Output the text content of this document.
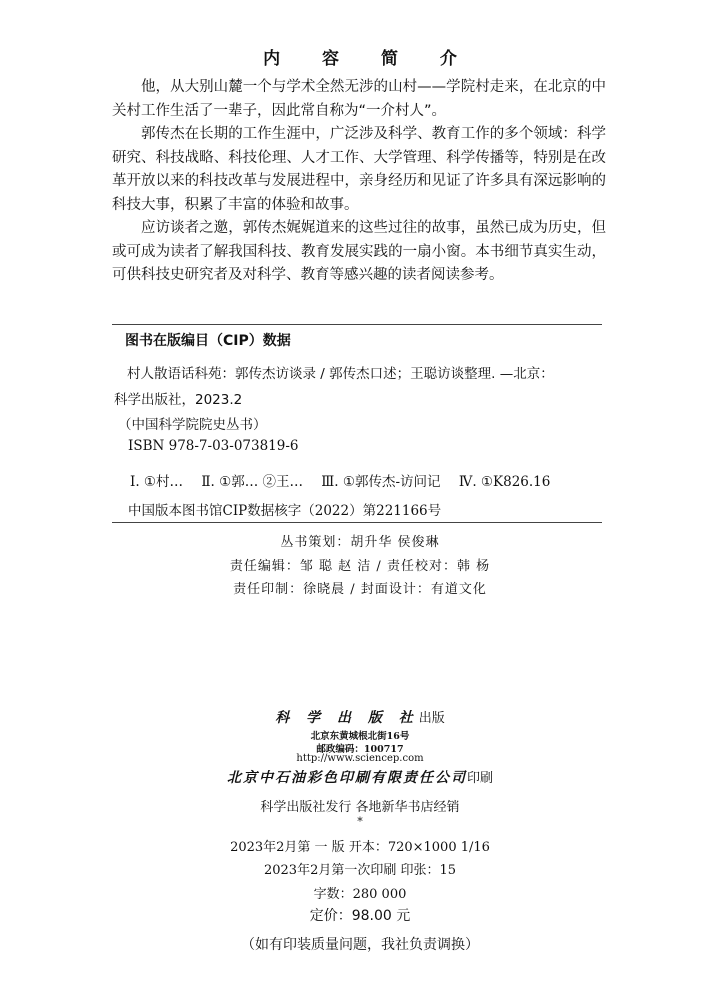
内 容 简 介

他，从大别山麓一个与学术全然无涉的山村——学院村走来，在北京的中关村工作生活了一辈子，因此常自称为“一介村人”。

郭传杰在长期的工作生涯中，广泛涉及科学、教育工作的多个领域：科学研究、科技战略、科技伦理、人才工作、大学管理、科学传播等，特别是在改革开放以来的科技改革与发展进程中，亲身经历和见证了许多具有深远影响的科技大事，积累了丰富的体验和故事。

应访谈者之邀，郭传杰娓娓道来的这些过往的故事，虽然已成为历史，但或可成为读者了解我国科技、教育发展实践的一扇小窗。本书细节真实生动，可供科技史研究者及对科学、教育等感兴趣的读者阅读参考。

图书在版编目（CIP）数据
村人散语话科苑：郭传杰访谈录 / 郭传杰口述；王聪访谈整理. —北京：
科学出版社，2023.2
（中国科学院院史丛书）
ISBN 978-7-03-073819-6
Ⅰ. ①村… Ⅱ. ①郭… ②王… Ⅲ. ①郭传杰-访问记 Ⅳ. ①K826.16
中国版本图书馆CIP数据核字（2022）第221166号
丛书策划：胡升华 侯俊琳
责任编辑：邹 聪 赵 洁 / 责任校对：韩 杨
责任印制：徐晓晨 / 封面设计：有道文化
科 学 出 版 社出版
北京东黄城根北街16号
邮政编码：100717
http://www.sciencep.com
北京中石油彩色印刷有限责任公司印刷
科学出版社发行 各地新华书店经销
*
2023年2月第 一 版 开本：720×1000 1/16
2023年2月第一次印刷 印张：15
字数：280 000
定价：98.00 元
（如有印装质量问题，我社负责调换）
